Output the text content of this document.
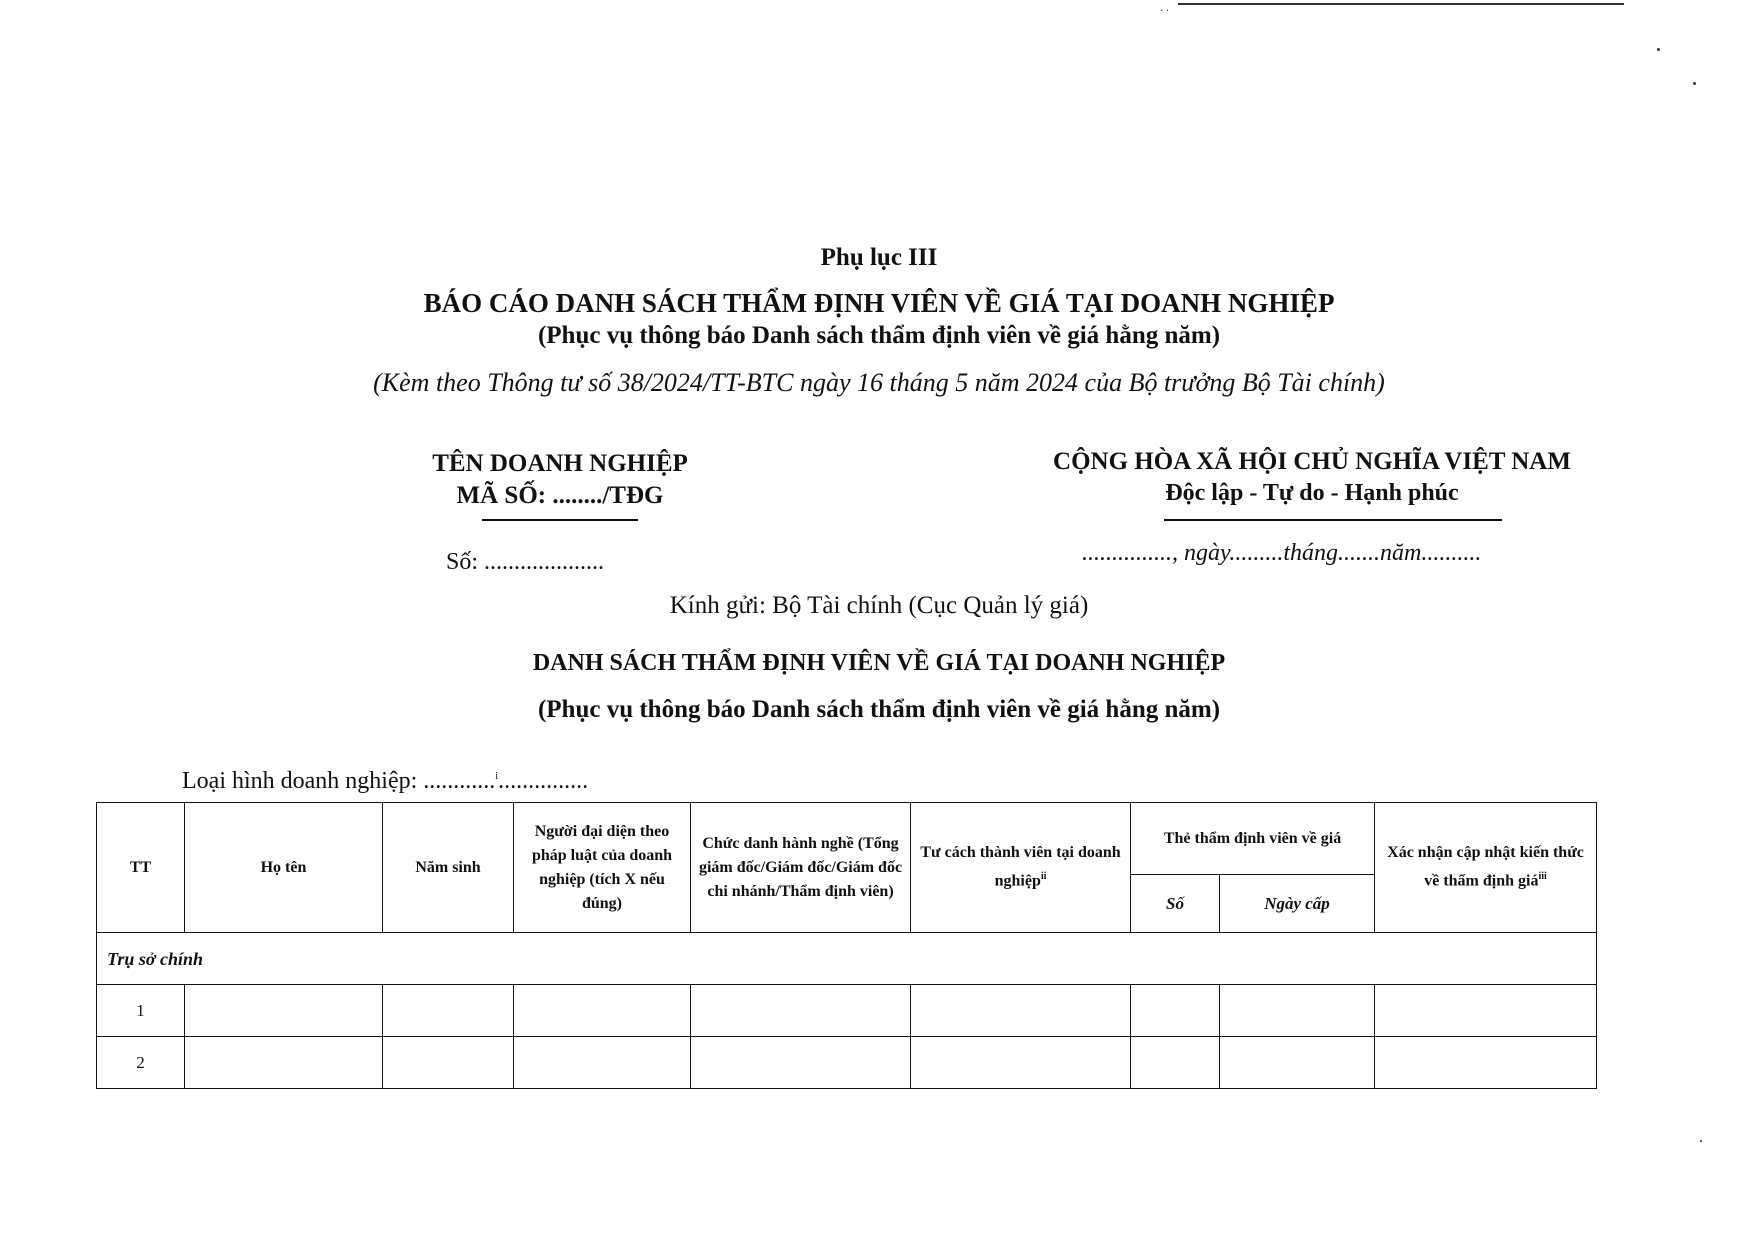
. .
Phụ lục III
BÁO CÁO DANH SÁCH THẨM ĐỊNH VIÊN VỀ GIÁ TẠI DOANH NGHIỆP
(Phục vụ thông báo Danh sách thẩm định viên về giá hằng năm)
(Kèm theo Thông tư số 38/2024/TT-BTC ngày 16 tháng 5 năm 2024 của Bộ trưởng Bộ Tài chính)
TÊN DOANH NGHIỆP
MÃ SỐ: ......../TĐG
CỘNG HÒA XÃ HỘI CHỦ NGHĨA VIỆT NAM
Độc lập - Tự do - Hạnh phúc
Số: ....................	..............., ngày.........tháng.......năm..........
Kính gửi: Bộ Tài chính (Cục Quản lý giá)
DANH SÁCH THẨM ĐỊNH VIÊN VỀ GIÁ TẠI DOANH NGHIỆP
(Phục vụ thông báo Danh sách thẩm định viên về giá hằng năm)
Loại hình doanh nghiệp: ............$^i$...............
TT	Họ tên	Năm sinh	Người đại diện theo pháp luật của doanh nghiệp (tích X nếu đúng)	Chức danh hành nghề (Tổng giám đốc/Giám đốc/Giám đốc chi nhánh/Thẩm định viên)	Tư cách thành viên tại doanh nghiệp$^{ii}$	Thẻ thẩm định viên về giá		Xác nhận cập nhật kiến thức về thẩm định giá$^{iii}$
						Số	Ngày cấp	
Trụ sở chính								
1								
2								
